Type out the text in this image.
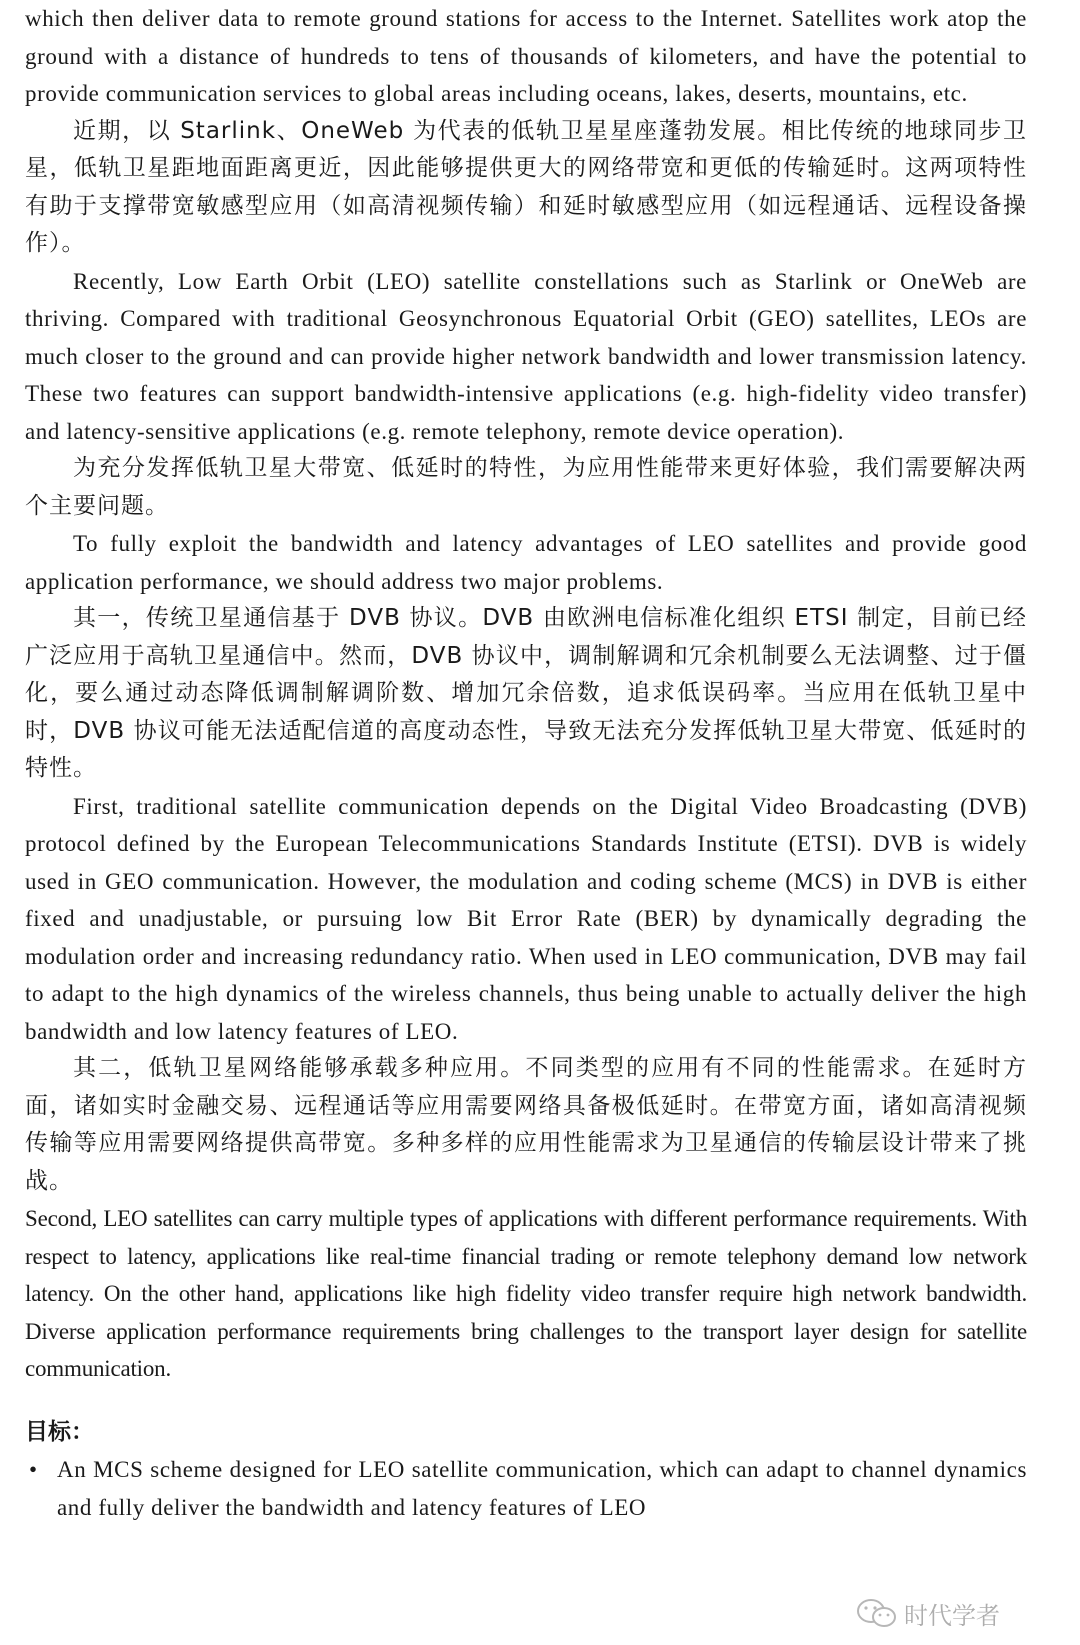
which then deliver data to remote ground stations for access to the Internet. Satellites work atop the ground with a distance of hundreds to tens of thousands of kilometers, and have the potential to provide communication services to global areas including oceans, lakes, deserts, mountains, etc.

近期，以 Starlink、OneWeb 为代表的低轨卫星星座蓬勃发展。相比传统的地球同步卫星，低轨卫星距地面距离更近，因此能够提供更大的网络带宽和更低的传输延时。这两项特性有助于支撑带宽敏感型应用（如高清视频传输）和延时敏感型应用（如远程通话、远程设备操作）。

Recently, Low Earth Orbit (LEO) satellite constellations such as Starlink or OneWeb are thriving. Compared with traditional Geosynchronous Equatorial Orbit (GEO) satellites, LEOs are much closer to the ground and can provide higher network bandwidth and lower transmission latency. These two features can support bandwidth-intensive applications (e.g. high-fidelity video transfer) and latency-sensitive applications (e.g. remote telephony, remote device operation).

为充分发挥低轨卫星大带宽、低延时的特性，为应用性能带来更好体验，我们需要解决两个主要问题。

To fully exploit the bandwidth and latency advantages of LEO satellites and provide good application performance, we should address two major problems.

其一，传统卫星通信基于 DVB 协议。DVB 由欧洲电信标准化组织 ETSI 制定，目前已经广泛应用于高轨卫星通信中。然而，DVB 协议中，调制解调和冗余机制要么无法调整、过于僵化，要么通过动态降低调制解调阶数、增加冗余倍数，追求低误码率。当应用在低轨卫星中时，DVB 协议可能无法适配信道的高度动态性，导致无法充分发挥低轨卫星大带宽、低延时的特性。

First, traditional satellite communication depends on the Digital Video Broadcasting (DVB) protocol defined by the European Telecommunications Standards Institute (ETSI). DVB is widely used in GEO communication. However, the modulation and coding scheme (MCS) in DVB is either fixed and unadjustable, or pursuing low Bit Error Rate (BER) by dynamically degrading the modulation order and increasing redundancy ratio. When used in LEO communication, DVB may fail to adapt to the high dynamics of the wireless channels, thus being unable to actually deliver the high bandwidth and low latency features of LEO.

其二，低轨卫星网络能够承载多种应用。不同类型的应用有不同的性能需求。在延时方面，诸如实时金融交易、远程通话等应用需要网络具备极低延时。在带宽方面，诸如高清视频传输等应用需要网络提供高带宽。多种多样的应用性能需求为卫星通信的传输层设计带来了挑战。

Second, LEO satellites can carry multiple types of applications with different performance requirements. With respect to latency, applications like real-time financial trading or remote telephony demand low network latency. On the other hand, applications like high fidelity video transfer require high network bandwidth. Diverse application performance requirements bring challenges to the transport layer design for satellite communication.

目标：

• An MCS scheme designed for LEO satellite communication, which can adapt to channel dynamics and fully deliver the bandwidth and latency features of LEO

时代学者
